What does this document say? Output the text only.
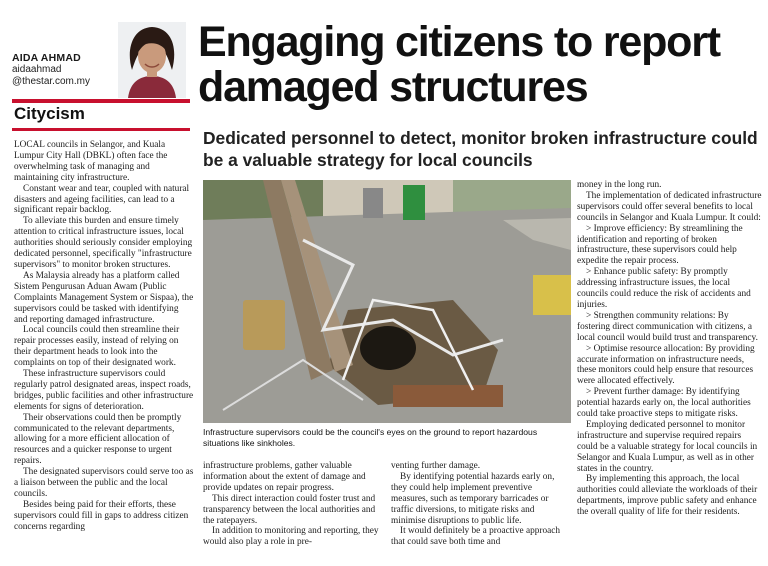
AIDA AHMAD
aidaahmad
@thestar.com.my
Citycism
Engaging citizens to report damaged structures
Dedicated personnel to detect, monitor broken infrastructure could be a valuable strategy for local councils

LOCAL councils in Selangor, and Kuala Lumpur City Hall (DBKL) often face the overwhelming task of managing and maintaining city infrastructure.

Constant wear and tear, coupled with natural disasters and ageing facilities, can lead to a significant repair backlog.

To alleviate this burden and ensure timely attention to critical infrastructure issues, local authorities should seriously consider employing dedicated personnel, specifically "infrastructure supervisors" to monitor broken structures.

As Malaysia already has a platform called Sistem Pengurusan Aduan Awam (Public Complaints Management System or Sispaa), the supervisors could be tasked with identifying and reporting damaged infrastructure.

Local councils could then streamline their repair processes easily, instead of relying on their department heads to look into the complaints on top of their designated work.

These infrastructure supervisors could regularly patrol designated areas, inspect roads, bridges, public facilities and other infrastructure elements for signs of deterioration.

Their observations could then be promptly communicated to the relevant departments, allowing for a more efficient allocation of resources and a quicker response to urgent repairs.

The designated supervisors could serve too as a liaison between the public and the local councils.

Besides being paid for their efforts, these supervisors could fill in gaps to address citizen concerns regarding

Infrastructure supervisors could be the council's eyes on the ground to report hazardous situations like sinkholes.

infrastructure problems, gather valuable information about the extent of damage and provide updates on repair progress.

This direct interaction could foster trust and transparency between the local authorities and the ratepayers.

In addition to monitoring and reporting, they would also play a role in pre-

venting further damage.

By identifying potential hazards early on, they could help implement preventive measures, such as temporary barricades or traffic diversions, to mitigate risks and minimise disruptions to public life.

It would definitely be a proactive approach that could save both time and

money in the long run.

The implementation of dedicated infrastructure supervisors could offer several benefits to local councils in Selangor and Kuala Lumpur. It could:

> Improve efficiency: By streamlining the identification and reporting of broken infrastructure, these supervisors could help expedite the repair process.

> Enhance public safety: By promptly addressing infrastructure issues, the local councils could reduce the risk of accidents and injuries.

> Strengthen community relations: By fostering direct communication with citizens, a local council would build trust and transparency.

> Optimise resource allocation: By providing accurate information on infrastructure needs, these monitors could help ensure that resources were allocated effectively.

> Prevent further damage: By identifying potential hazards early on, the local authorities could take proactive steps to mitigate risks.

Employing dedicated personnel to monitor infrastructure and supervise required repairs could be a valuable strategy for local councils in Selangor and Kuala Lumpur, as well as in other states in the country.

By implementing this approach, the local authorities could alleviate the workloads of their departments, improve public safety and enhance the overall quality of life for their residents.
